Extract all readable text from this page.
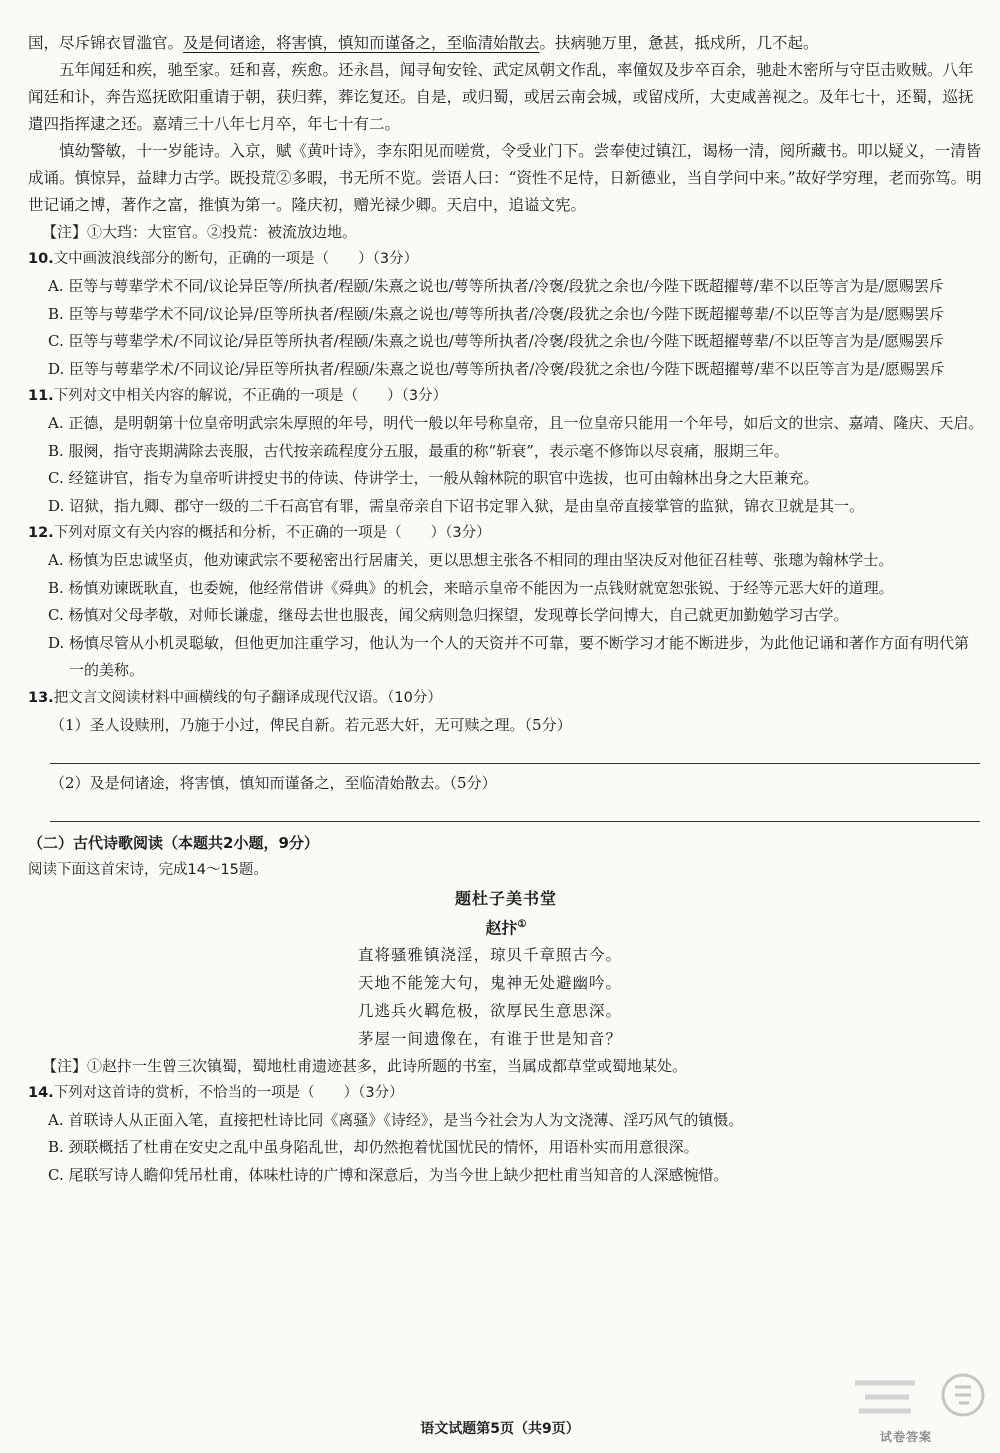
国，尽斥锦衣冒滥官。及是伺诸途，将害慎，慎知而谨备之，至临清始散去。扶病驰万里，惫甚，抵戍所，几不起。

五年闻廷和疾，驰至家。廷和喜，疾愈。还永昌，闻寻甸安铨、武定凤朝文作乱，率僮奴及步卒百余，驰赴木密所与守臣击败贼。八年闻廷和讣，奔告巡抚欧阳重请于朝，获归葬，葬讫复还。自是，或归蜀，或居云南会城，或留戍所，大吏咸善视之。及年七十，还蜀，巡抚遣四指挥逮之还。嘉靖三十八年七月卒，年七十有二。

慎幼警敏，十一岁能诗。入京，赋《黄叶诗》，李东阳见而嗟赏，令受业门下。尝奉使过镇江，谒杨一清，阅所藏书。叩以疑义，一清皆成诵。慎惊异，益肆力古学。既投荒②多暇，书无所不览。尝语人曰：“资性不足恃，日新德业，当自学问中来。”故好学穷理，老而弥笃。明世记诵之博，著作之富，推慎为第一。隆庆初，赠光禄少卿。天启中，追谥文宪。

【注】①大珰：大宦官。②投荒：被流放边地。

10.文中画波浪线部分的断句，正确的一项是（　　）（3分）

A. 臣等与萼辈学术不同/议论异臣等/所执者/程颐/朱熹之说也/萼等所执者/冷褒/段犹之余也/今陛下既超擢萼/辈不以臣等言为是/愿赐罢斥

B. 臣等与萼辈学术不同/议论异/臣等所执者/程颐/朱熹之说也/萼等所执者/冷褒/段犹之余也/今陛下既超擢萼辈/不以臣等言为是/愿赐罢斥

C. 臣等与萼辈学术/不同议论/异臣等所执者/程颐/朱熹之说也/萼等所执者/冷褒/段犹之余也/今陛下既超擢萼辈/不以臣等言为是/愿赐罢斥

D. 臣等与萼辈学术/不同议论/异臣等所执者/程颐/朱熹之说也/萼等所执者/冷褒/段犹之余也/今陛下既超擢萼/辈不以臣等言为是/愿赐罢斥

11.下列对文中相关内容的解说，不正确的一项是（　　）（3分）

A. 正德，是明朝第十位皇帝明武宗朱厚照的年号，明代一般以年号称皇帝，且一位皇帝只能用一个年号，如后文的世宗、嘉靖、隆庆、天启。

B. 服阕，指守丧期满除去丧服，古代按亲疏程度分五服，最重的称“斩衰”，表示毫不修饰以尽哀痛，服期三年。

C. 经筵讲官，指专为皇帝听讲授史书的侍读、侍讲学士，一般从翰林院的职官中选拔，也可由翰林出身之大臣兼充。

D. 诏狱，指九卿、郡守一级的二千石高官有罪，需皇帝亲自下诏书定罪入狱，是由皇帝直接掌管的监狱，锦衣卫就是其一。

12.下列对原文有关内容的概括和分析，不正确的一项是（　　）（3分）

A. 杨慎为臣忠诚坚贞，他劝谏武宗不要秘密出行居庸关，更以思想主张各不相同的理由坚决反对他征召桂萼、张璁为翰林学士。

B. 杨慎劝谏既耿直，也委婉，他经常借讲《舜典》的机会，来暗示皇帝不能因为一点钱财就宽恕张锐、于经等元恶大奸的道理。

C. 杨慎对父母孝敬，对师长谦虚，继母去世也服丧，闻父病则急归探望，发现尊长学问博大，自己就更加勤勉学习古学。

D. 杨慎尽管从小机灵聪敏，但他更加注重学习，他认为一个人的天资并不可靠，要不断学习才能不断进步，为此他记诵和著作方面有明代第一的美称。

13.把文言文阅读材料中画横线的句子翻译成现代汉语。（10分）

（1）圣人设赎刑，乃施于小过，俾民自新。若元恶大奸，无可赎之理。（5分）

（2）及是伺诸途，将害慎，慎知而谨备之，至临清始散去。（5分）

（二）古代诗歌阅读（本题共2小题，9分）

阅读下面这首宋诗，完成14～15题。

题杜子美书堂

赵抃①

直将骚雅镇浇淫，琼贝千章照古今。

天地不能笼大句，鬼神无处避幽吟。

几逃兵火羁危极，欲厚民生意思深。

茅屋一间遗像在，有谁于世是知音？

【注】①赵抃一生曾三次镇蜀，蜀地杜甫遗迹甚多，此诗所题的书室，当属成都草堂或蜀地某处。

14.下列对这首诗的赏析，不恰当的一项是（　　）（3分）

A. 首联诗人从正面入笔，直接把杜诗比同《离骚》《诗经》，是当今社会为人为文浇薄、淫巧风气的镇慑。

B. 颈联概括了杜甫在安史之乱中虽身陷乱世，却仍然抱着忧国忧民的情怀，用语朴实而用意很深。

C. 尾联写诗人瞻仰凭吊杜甫，体味杜诗的广博和深意后，为当今世上缺少把杜甫当知音的人深感惋惜。

试卷答案
语文试题第5页（共9页）
